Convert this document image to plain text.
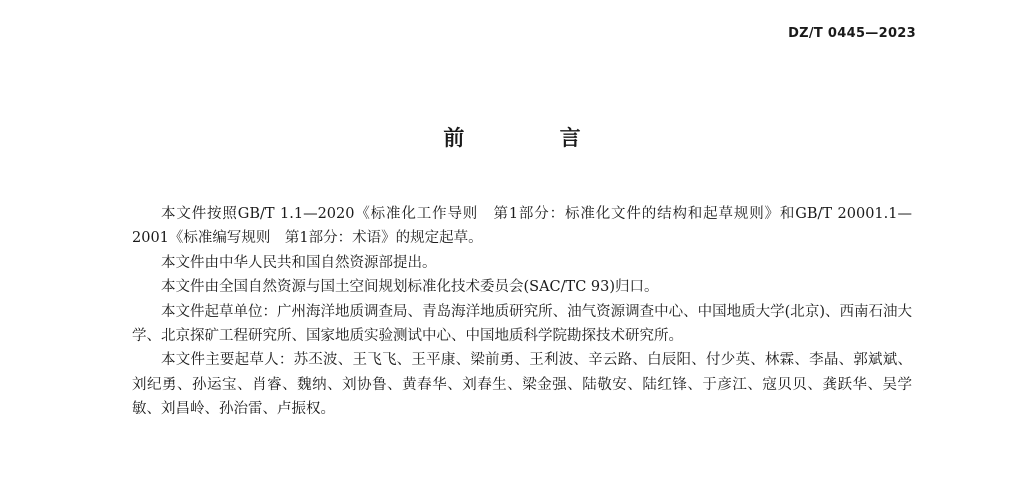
DZ/T 0445—2023
前 言

本文件按照GB/T 1.1—2020《标准化工作导则　第1部分：标准化文件的结构和起草规则》和GB/T 20001.1—2001《标准编写规则　第1部分：术语》的规定起草。

本文件由中华人民共和国自然资源部提出。

本文件由全国自然资源与国土空间规划标准化技术委员会(SAC/TC 93)归口。

本文件起草单位：广州海洋地质调查局、青岛海洋地质研究所、油气资源调查中心、中国地质大学(北京)、西南石油大学、北京探矿工程研究所、国家地质实验测试中心、中国地质科学院勘探技术研究所。

本文件主要起草人：苏丕波、王飞飞、王平康、梁前勇、王利波、辛云路、白辰阳、付少英、林霖、李晶、郭斌斌、刘纪勇、孙运宝、肖睿、魏纳、刘协鲁、黄春华、刘春生、梁金强、陆敬安、陆红锋、于彦江、寇贝贝、龚跃华、吴学敏、刘昌岭、孙治雷、卢振权。
